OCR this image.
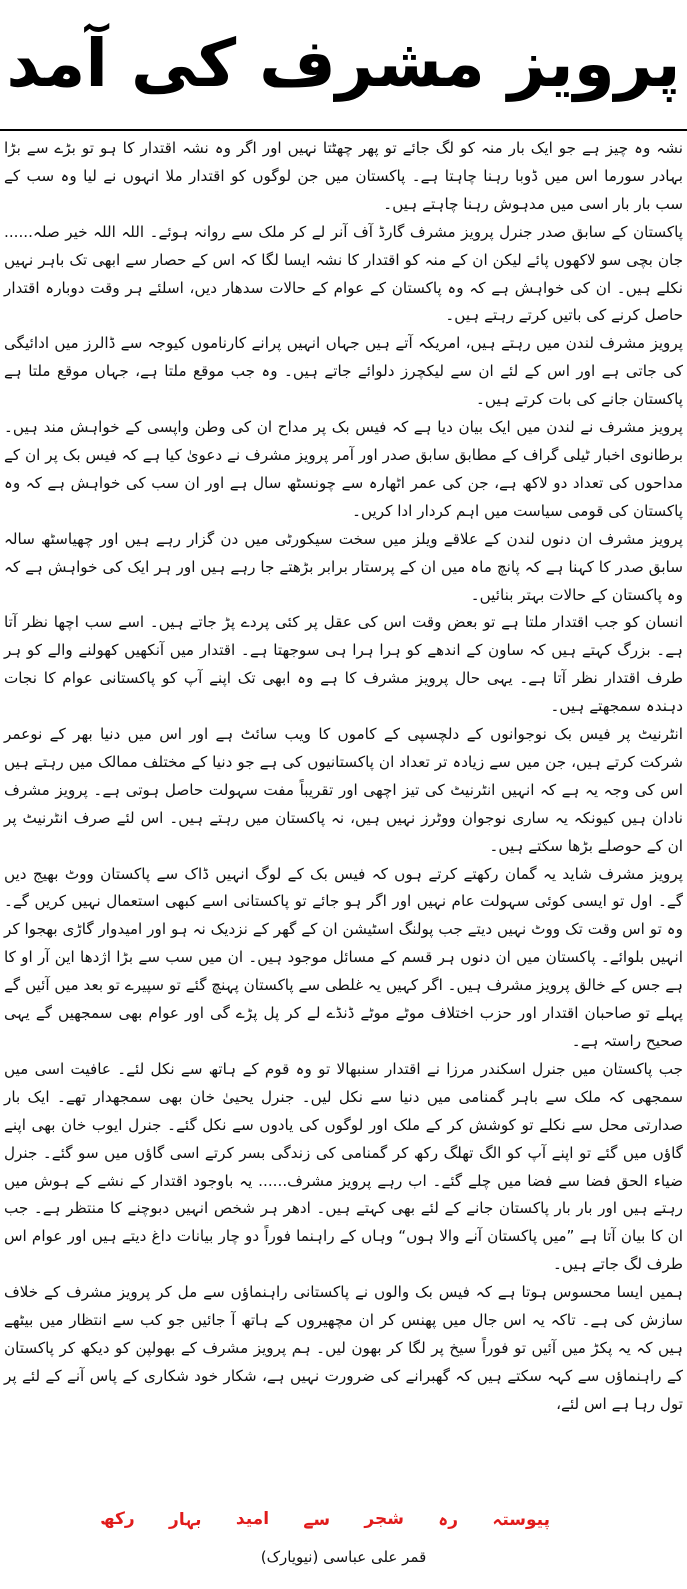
پرویز مشرف کی آمد

نشہ وہ چیز ہے جو ایک بار منہ کو لگ جائے تو پھر چھٹتا نہیں اور اگر وہ نشہ اقتدار کا ہو تو بڑے سے بڑا بہادر سورما اس میں ڈوبا رہنا چاہتا ہے۔ پاکستان میں جن لوگوں کو اقتدار ملا انہوں نے لیا وہ سب کے سب بار بار اسی میں مدہوش رہنا چاہتے ہیں۔

پاکستان کے سابق صدر جنرل پرویز مشرف گارڈ آف آنر لے کر ملک سے روانہ ہوئے۔ اللہ اللہ خیر صلہ...... جان بچی سو لاکھوں پائے لیکن ان کے منہ کو اقتدار کا نشہ ایسا لگا کہ اس کے حصار سے ابھی تک باہر نہیں نکلے ہیں۔ ان کی خواہش ہے کہ وہ پاکستان کے عوام کے حالات سدھار دیں، اسلئے ہر وقت دوبارہ اقتدار حاصل کرنے کی باتیں کرتے رہتے ہیں۔

پرویز مشرف لندن میں رہتے ہیں، امریکہ آتے ہیں جہاں انہیں پرانے کارناموں کیوجہ سے ڈالرز میں ادائیگی کی جاتی ہے اور اس کے لئے ان سے لیکچرز دلوائے جاتے ہیں۔ وہ جب موقع ملتا ہے، جہاں موقع ملتا ہے پاکستان جانے کی بات کرتے ہیں۔

پرویز مشرف نے لندن میں ایک بیان دیا ہے کہ فیس بک پر مداح ان کی وطن واپسی کے خواہش مند ہیں۔ برطانوی اخبار ٹیلی گراف کے مطابق سابق صدر اور آمر پرویز مشرف نے دعویٰ کیا ہے کہ فیس بک پر ان کے مداحوں کی تعداد دو لاکھ ہے، جن کی عمر اٹھارہ سے چونسٹھ سال ہے اور ان سب کی خواہش ہے کہ وہ پاکستان کی قومی سیاست میں اہم کردار ادا کریں۔

پرویز مشرف ان دنوں لندن کے علاقے ویلز میں سخت سیکورٹی میں دن گزار رہے ہیں اور چھیاسٹھ سالہ سابق صدر کا کہنا ہے کہ پانچ ماہ میں ان کے پرستار برابر بڑھتے جا رہے ہیں اور ہر ایک کی خواہش ہے کہ وہ پاکستان کے حالات بہتر بنائیں۔

انسان کو جب اقتدار ملتا ہے تو بعض وقت اس کی عقل پر کئی پردے پڑ جاتے ہیں۔ اسے سب اچھا نظر آتا ہے۔ بزرگ کہتے ہیں کہ ساون کے اندھے کو ہرا ہرا ہی سوجھتا ہے۔ اقتدار میں آنکھیں کھولنے والے کو ہر طرف اقتدار نظر آتا ہے۔ یہی حال پرویز مشرف کا ہے وہ ابھی تک اپنے آپ کو پاکستانی عوام کا نجات دہندہ سمجھتے ہیں۔

انٹرنیٹ پر فیس بک نوجوانوں کے دلچسپی کے کاموں کا ویب سائٹ ہے اور اس میں دنیا بھر کے نوعمر شرکت کرتے ہیں، جن میں سے زیادہ تر تعداد ان پاکستانیوں کی ہے جو دنیا کے مختلف ممالک میں رہتے ہیں اس کی وجہ یہ ہے کہ انہیں انٹرنیٹ کی تیز اچھی اور تقریباً مفت سہولت حاصل ہوتی ہے۔ پرویز مشرف نادان ہیں کیونکہ یہ ساری نوجوان ووٹرز نہیں ہیں، نہ پاکستان میں رہتے ہیں۔ اس لئے صرف انٹرنیٹ پر ان کے حوصلے بڑھا سکتے ہیں۔

پرویز مشرف شاید یہ گمان رکھتے کرتے ہوں کہ فیس بک کے لوگ انہیں ڈاک سے پاکستان ووٹ بھیج دیں گے۔ اول تو ایسی کوئی سہولت عام نہیں اور اگر ہو جائے تو پاکستانی اسے کبھی استعمال نہیں کریں گے۔ وہ تو اس وقت تک ووٹ نہیں دیتے جب پولنگ اسٹیشن ان کے گھر کے نزدیک نہ ہو اور امیدوار گاڑی بھجوا کر انہیں بلوائے۔ پاکستان میں ان دنوں ہر قسم کے مسائل موجود ہیں۔ ان میں سب سے بڑا اژدھا این آر او کا ہے جس کے خالق پرویز مشرف ہیں۔ اگر کہیں یہ غلطی سے پاکستان پہنچ گئے تو سپیرے تو بعد میں آئیں گے پہلے تو صاحبان اقتدار اور حزب اختلاف موٹے موٹے ڈنڈے لے کر پل پڑے گی اور عوام بھی سمجھیں گے یہی صحیح راستہ ہے۔

جب پاکستان میں جنرل اسکندر مرزا نے اقتدار سنبھالا تو وہ قوم کے ہاتھ سے نکل لئے۔ عافیت اسی میں سمجھی کہ ملک سے باہر گمنامی میں دنیا سے نکل لیں۔ جنرل یحییٰ خان بھی سمجھدار تھے۔ ایک بار صدارتی محل سے نکلے تو کوشش کر کے ملک اور لوگوں کی یادوں سے نکل گئے۔ جنرل ایوب خان بھی اپنے گاؤں میں گئے تو اپنے آپ کو الگ تھلگ رکھ کر گمنامی کی زندگی بسر کرتے اسی گاؤں میں سو گئے۔ جنرل ضیاء الحق فضا سے فضا میں چلے گئے۔ اب رہے پرویز مشرف...... یہ باوجود اقتدار کے نشے کے ہوش میں رہتے ہیں اور بار بار پاکستان جانے کے لئے بھی کہتے ہیں۔ ادھر ہر شخص انہیں دبوچنے کا منتظر ہے۔ جب ان کا بیان آتا ہے ”میں پاکستان آنے والا ہوں“ وہاں کے راہنما فوراً دو چار بیانات داغ دیتے ہیں اور عوام اس طرف لگ جاتے ہیں۔

ہمیں ایسا محسوس ہوتا ہے کہ فیس بک والوں نے پاکستانی راہنماؤں سے مل کر پرویز مشرف کے خلاف سازش کی ہے۔ تاکہ یہ اس جال میں پھنس کر ان مچھیروں کے ہاتھ آ جائیں جو کب سے انتظار میں بیٹھے ہیں کہ یہ پکڑ میں آئیں تو فوراً سیخ پر لگا کر بھون لیں۔ ہم پرویز مشرف کے بھولپن کو دیکھ کر پاکستان کے راہنماؤں سے کہہ سکتے ہیں کہ گھبرانے کی ضرورت نہیں ہے، شکار خود شکاری کے پاس آنے کے لئے پر تول رہا ہے اس لئے،

پیوستہ
رہ
شجر
سے
امید
بہار
رکھ
قمر علی عباسی (نیویارک)
